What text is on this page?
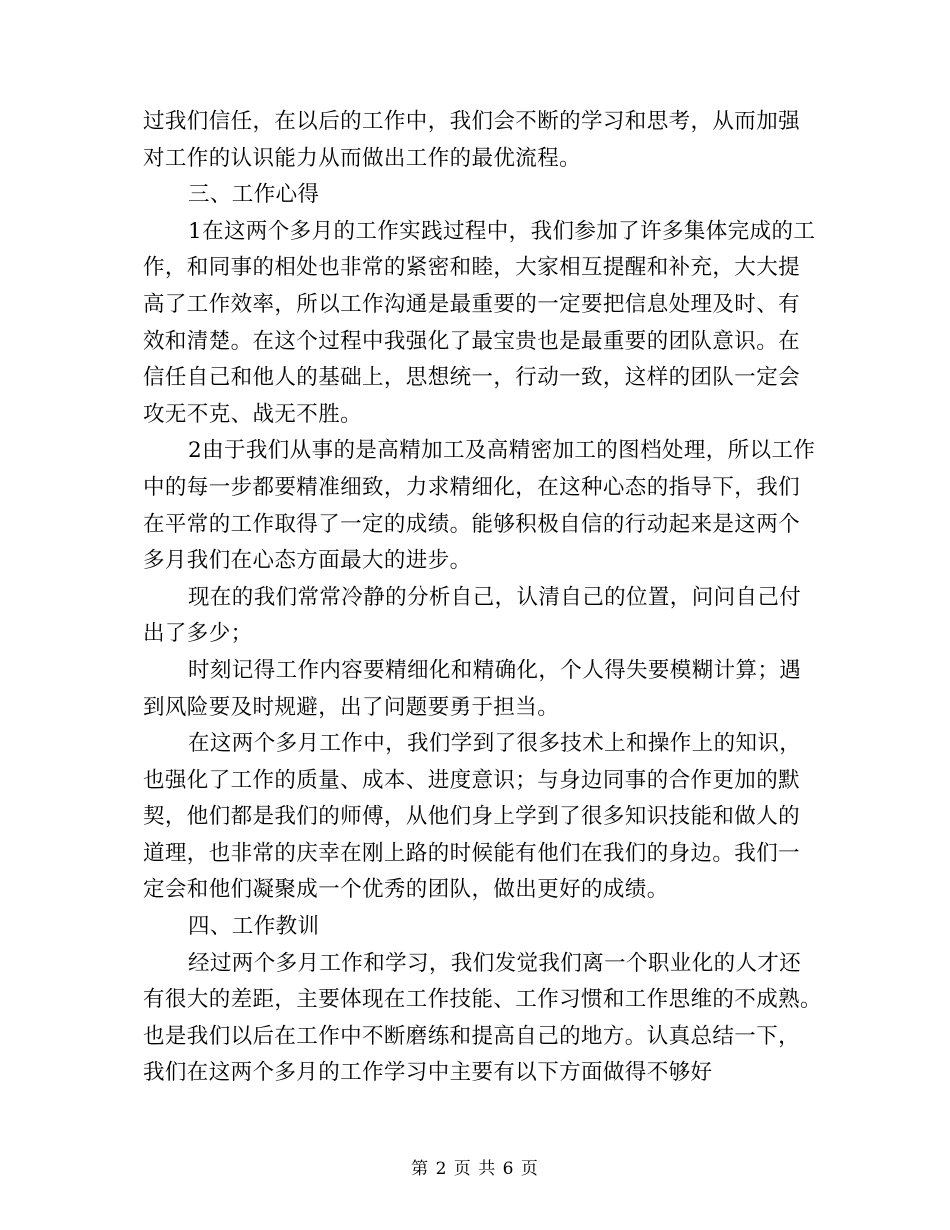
过我们信任，在以后的工作中，我们会不断的学习和思考，从而加强
对工作的认识能力从而做出工作的最优流程。
三、工作心得
1在这两个多月的工作实践过程中，我们参加了许多集体完成的工
作，和同事的相处也非常的紧密和睦，大家相互提醒和补充，大大提
高了工作效率，所以工作沟通是最重要的一定要把信息处理及时、有
效和清楚。在这个过程中我强化了最宝贵也是最重要的团队意识。在
信任自己和他人的基础上，思想统一，行动一致，这样的团队一定会
攻无不克、战无不胜。
2由于我们从事的是高精加工及高精密加工的图档处理，所以工作
中的每一步都要精准细致，力求精细化，在这种心态的指导下，我们
在平常的工作取得了一定的成绩。能够积极自信的行动起来是这两个
多月我们在心态方面最大的进步。
现在的我们常常冷静的分析自己，认清自己的位置，问问自己付
出了多少；
时刻记得工作内容要精细化和精确化，个人得失要模糊计算；遇
到风险要及时规避，出了问题要勇于担当。
在这两个多月工作中，我们学到了很多技术上和操作上的知识，
也强化了工作的质量、成本、进度意识；与身边同事的合作更加的默
契，他们都是我们的师傅，从他们身上学到了很多知识技能和做人的
道理，也非常的庆幸在刚上路的时候能有他们在我们的身边。我们一
定会和他们凝聚成一个优秀的团队，做出更好的成绩。
四、工作教训
经过两个多月工作和学习，我们发觉我们离一个职业化的人才还
有很大的差距，主要体现在工作技能、工作习惯和工作思维的不成熟。
也是我们以后在工作中不断磨练和提高自己的地方。认真总结一下，
我们在这两个多月的工作学习中主要有以下方面做得不够好
第 2 页 共 6 页
